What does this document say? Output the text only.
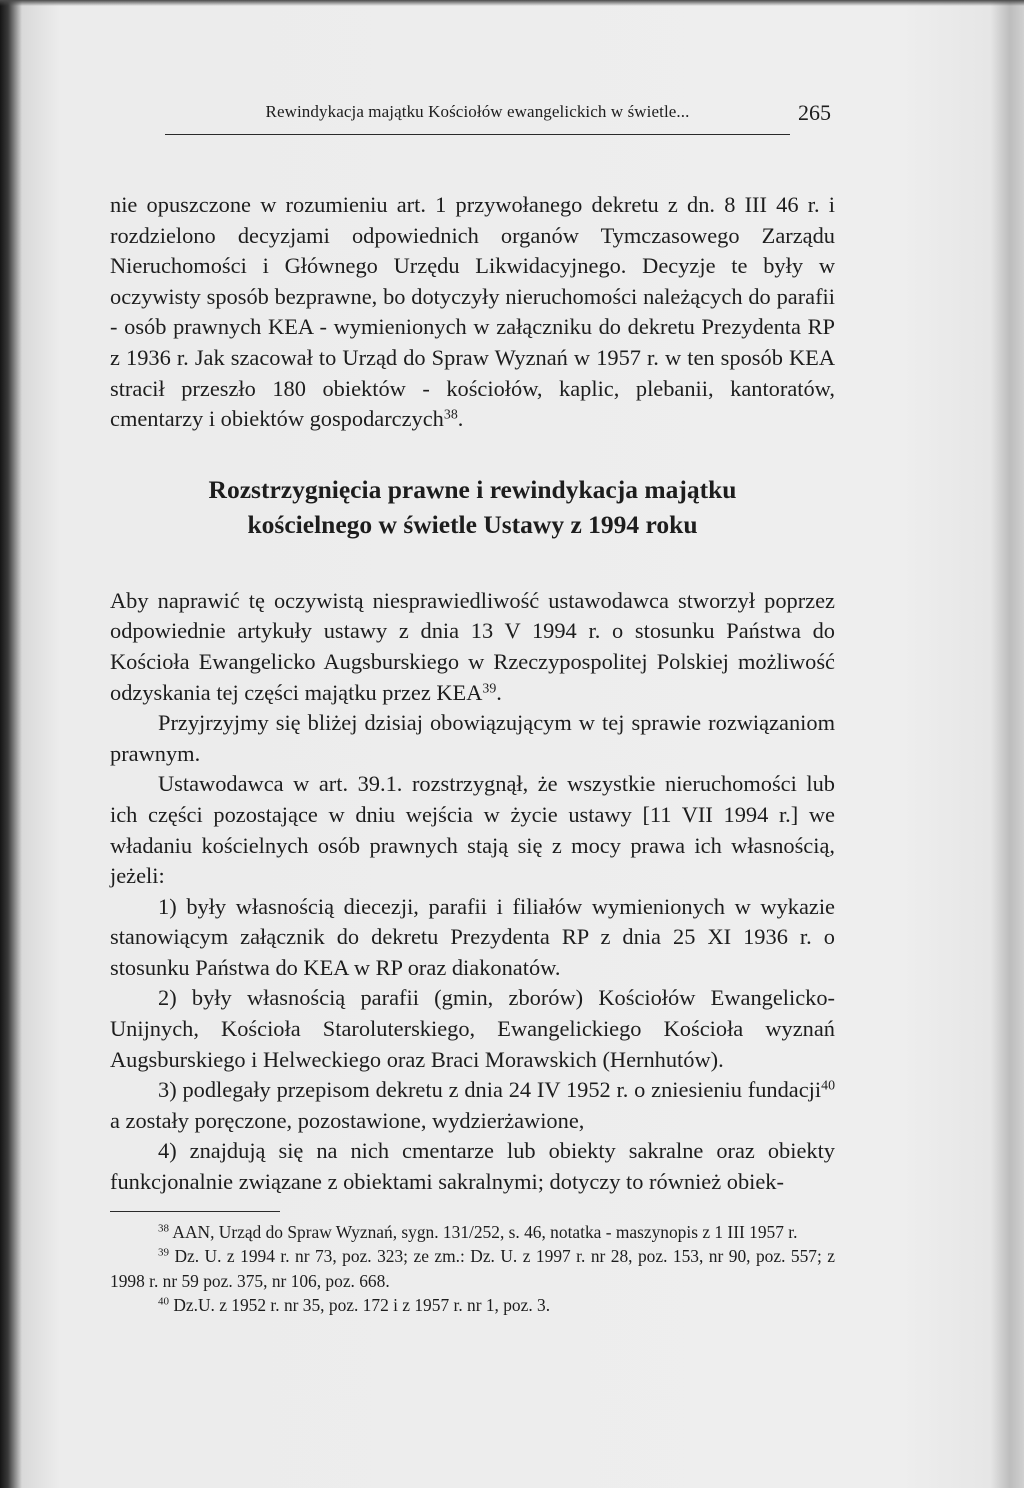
Rewindykacja majątku Kościołów ewangelickich w świetle...	265

nie opuszczone w rozumieniu art. 1 przywołanego dekretu z dn. 8 III 46 r. i rozdzielono decyzjami odpowiednich organów Tymczasowego Zarządu Nieruchomości i Głównego Urzędu Likwidacyjnego. Decyzje te były w oczywisty sposób bezprawne, bo dotyczyły nieruchomości należących do parafii - osób prawnych KEA - wymienionych w załączniku do dekretu Prezydenta RP z 1936 r. Jak szacował to Urząd do Spraw Wyznań w 1957 r. w ten sposób KEA stracił przeszło 180 obiektów - kościołów, kaplic, plebanii, kantoratów, cmentarzy i obiektów gospodarczych$^{38}$.

Rozstrzygnięcia prawne i rewindykacja majątku
kościelnego w świetle Ustawy z 1994 roku

Aby naprawić tę oczywistą niesprawiedliwość ustawodawca stworzył poprzez odpowiednie artykuły ustawy z dnia 13 V 1994 r. o stosunku Państwa do Kościoła Ewangelicko Augsburskiego w Rzeczypospolitej Polskiej możliwość odzyskania tej części majątku przez KEA$^{39}$.

Przyjrzyjmy się bliżej dzisiaj obowiązującym w tej sprawie rozwiązaniom prawnym.

Ustawodawca w art. 39.1. rozstrzygnął, że wszystkie nieruchomości lub ich części pozostające w dniu wejścia w życie ustawy [11 VII 1994 r.] we władaniu kościelnych osób prawnych stają się z mocy prawa ich własnością, jeżeli:

1) były własnością diecezji, parafii i filiałów wymienionych w wykazie stanowiącym załącznik do dekretu Prezydenta RP z dnia 25 XI 1936 r. o stosunku Państwa do KEA w RP oraz diakonatów.

2) były własnością parafii (gmin, zborów) Kościołów Ewangelicko-Unijnych, Kościoła Staroluterskiego, Ewangelickiego Kościoła wyznań Augsburskiego i Helweckiego oraz Braci Morawskich (Hernhutów).

3) podlegały przepisom dekretu z dnia 24 IV 1952 r. o zniesieniu fundacji$^{40}$ a zostały poręczone, pozostawione, wydzierżawione,

4) znajdują się na nich cmentarze lub obiekty sakralne oraz obiekty funkcjonalnie związane z obiektami sakralnymi; dotyczy to również obiek-

$^{38}$ AAN, Urząd do Spraw Wyznań, sygn. 131/252, s. 46, notatka - maszynopis z 1 III 1957 r.

$^{39}$ Dz. U. z 1994 r. nr 73, poz. 323; ze zm.: Dz. U. z 1997 r. nr 28, poz. 153, nr 90, poz. 557; z 1998 r. nr 59 poz. 375, nr 106, poz. 668.

$^{40}$ Dz.U. z 1952 r. nr 35, poz. 172 i z 1957 r. nr 1, poz. 3.
